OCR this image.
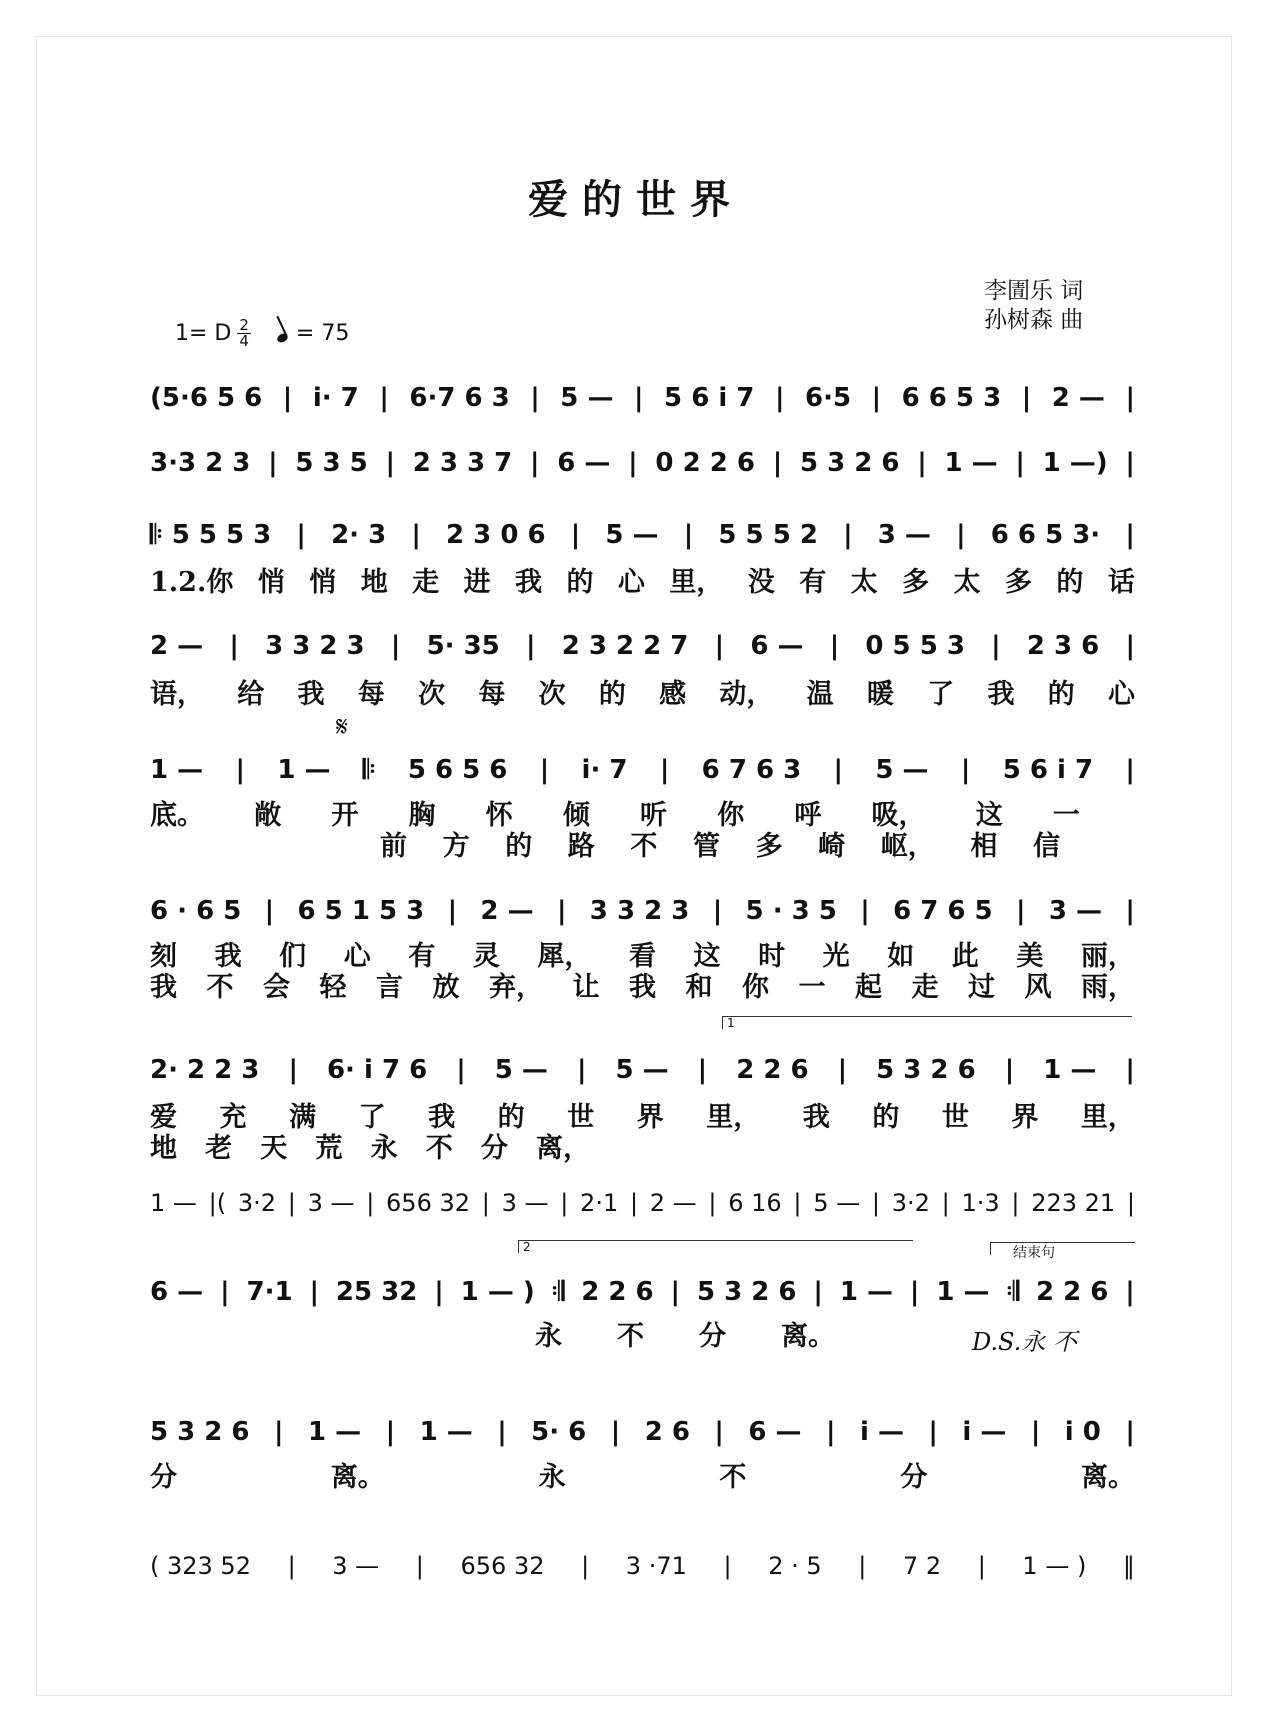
爱的世界
李圊乐 词
孙树森 曲
1= D $\frac{2}{4} = 75$
(5·6 5 6 | i· 7 | 6·7 6 3 | 5 — | 5 6 i 7 | 6·5 | 6 6 5 3 | 2 — |
3·3 2 3 | 5 3 5 | 2 3 3 7 | 6 — | 0 2 2 6 | 5 3 2 6 | 1 — | 1 —) |
𝄆 5 5 5 3 | 2· 3 | 2 3 0 6 | 5 — | 5 5 5 2 | 3 — | 6 6 5 3· |
2 — | 3 3 2 3 | 5· 35 | 2 3 2 2 7 | 6 — | 0 5 5 3 | 2 3 6 |
1 — | 1 — 𝄆 5 6 5 6 | i· 7 | 6 7 6 3 | 5 — | 5 6 i 7 |
6 · 6 5 | 6 5 1 5 3 | 2 — | 3 3 2 3 | 5 · 3 5 | 6 7 6 5 | 3 — |
2· 2 2 3 | 6· i 7 6 | 5 — | 5 — | 2 2 6 | 5 3 2 6 | 1 — |
1 — |( 3·2 | 3 — | 656 32 | 3 — | 2·1 | 2 — | 6 16 | 5 — | 3·2 | 1·3 | 223 21 |
6 — | 7·1 | 25 32 | 1 — ) 𝄇 2 2 6 | 5 3 2 6 | 1 — | 1 — 𝄇 2 2 6 |
5 3 2 6 | 1 — | 1 — | 5· 6 | 2 6 | 6 — | i — | i — | i 0 |
( 323 52 | 3 — | 656 32 | 3 ·71 | 2 · 5 | 7 2 | 1 — ) ‖
1.2.你 悄 悄 地 走 进 我 的 心 里， 没 有 太 多 太 多 的 话
语， 给 我 每 次 每 次 的 感 动， 温 暖 了 我 的 心
底。 敞 开 胸 怀 倾 听 你 呼 吸， 这 一
前 方 的 路 不 管 多 崎 岖， 相 信
刻 我 们 心 有 灵 犀， 看 这 时 光 如 此 美 丽，
我 不 会 轻 言 放 弃， 让 我 和 你 一 起 走 过 风 雨，
爱 充 满 了 我 的 世 界 里， 我 的 世 界 里，
地 老 天 荒 永 不 分 离，
永 不 分 离。
分	离。	永	不	分	离。
D.S.永 不
1
2	结束句
𝄋
